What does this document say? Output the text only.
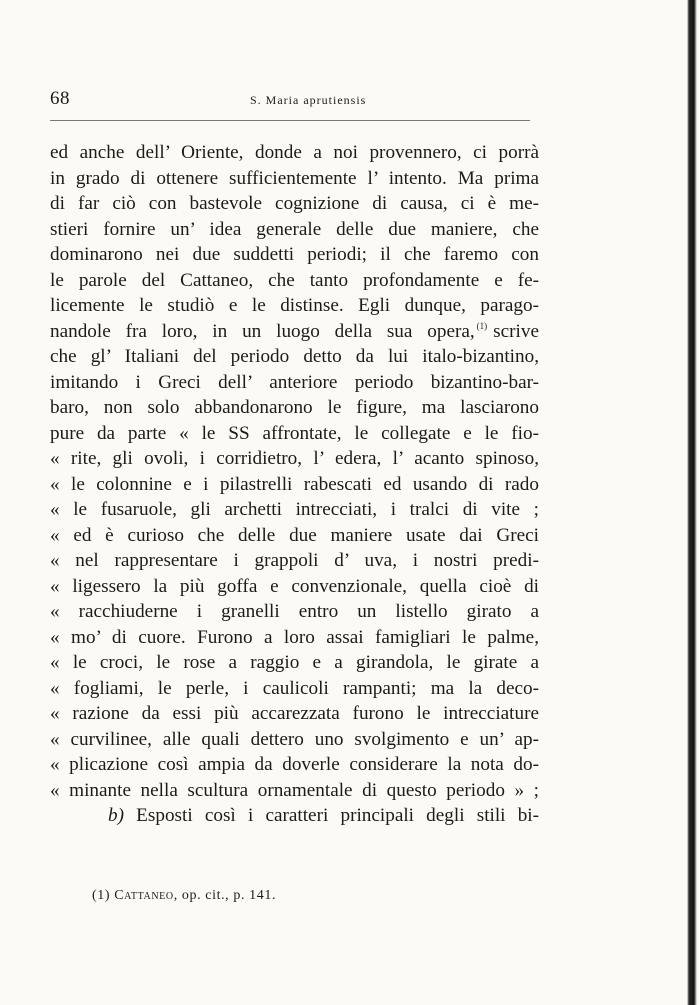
68	S. Maria aprutiensis
ed anche dell’ Oriente, donde a noi provennero, ci porrà
in grado di ottenere sufficientemente l’ intento. Ma prima
di far ciò con bastevole cognizione di causa, ci è me-
stieri fornire un’ idea generale delle due maniere, che
dominarono nei due suddetti periodi; il che faremo con
le parole del Cattaneo, che tanto profondamente e fe-
licemente le studiò e le distinse. Egli dunque, parago-
nandole fra loro, in un luogo della sua opera, $^{(1)}$ scrive
che gl’ Italiani del periodo detto da lui italo-bizantino,
imitando i Greci dell’ anteriore periodo bizantino-bar-
baro, non solo abbandonarono le figure, ma lasciarono
pure da parte « le SS affrontate, le collegate e le fio-
« rite, gli ovoli, i corridietro, l’ edera, l’ acanto spinoso,
« le colonnine e i pilastrelli rabescati ed usando di rado
« le fusaruole, gli archetti intrecciati, i tralci di vite ;
« ed è curioso che delle due maniere usate dai Greci
« nel rappresentare i grappoli d’ uva, i nostri predi-
« ligessero la più goffa e convenzionale, quella cioè di
« racchiuderne i granelli entro un listello girato a
« mo’ di cuore. Furono a loro assai famigliari le palme,
« le croci, le rose a raggio e a girandola, le girate a
« fogliami, le perle, i caulicoli rampanti; ma la deco-
« razione da essi più accarezzata furono le intrecciature
« curvilinee, alle quali dettero uno svolgimento e un’ ap-
« plicazione così ampia da doverle considerare la nota do-
« minante nella scultura ornamentale di questo periodo » ;
b) Esposti così i caratteri principali degli stili bi-
(1) Cattaneo, op. cit., p. 141.
